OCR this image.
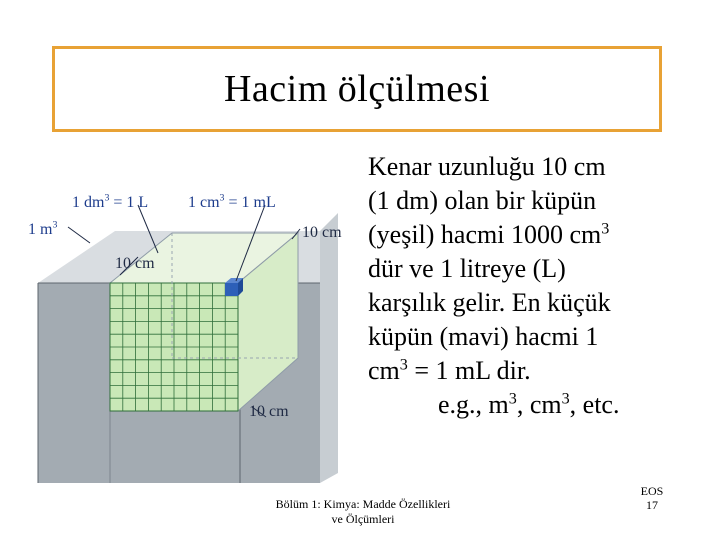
Hacim ölçülmesi
1 $dm^3 = 1$ L 1 $cm^3 = 1$ mL
1 $m^3$	10 cm
10 cm
10 cm
Kenar uzunluğu 10 cm
(1 dm) olan bir küpün
(yeşil) hacmi 1000 $cm^3$
dür ve 1 litreye (L)
karşılık gelir. En küçük
küpün (mavi) hacmi 1
$cm^3 = 1$ mL dir.
e.g., $m^3$, $cm^3$, etc.
Bölüm 1: Kimya: Madde Özellikleri
ve Ölçümleri
EOS
17
